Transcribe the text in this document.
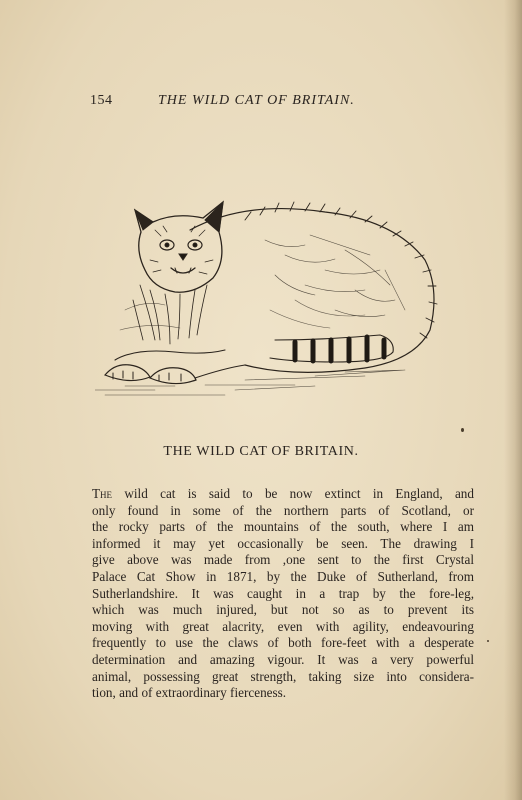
154	THE WILD CAT OF BRITAIN.
THE WILD CAT OF BRITAIN.
The wild cat is said to be now extinct in England, and
only found in some of the northern parts of Scotland, or
the rocky parts of the mountains of the south, where I am
informed it may yet occasionally be seen. The drawing I
give above was made from ,one sent to the first Crystal
Palace Cat Show in 1871, by the Duke of Sutherland, from
Sutherlandshire. It was caught in a trap by the fore-leg,
which was much injured, but not so as to prevent its
moving with great alacrity, even with agility, endeavouring
frequently to use the claws of both fore-feet with a desperate
determination and amazing vigour. It was a very powerful
animal, possessing great strength, taking size into considera-
tion, and of extraordinary fierceness.
